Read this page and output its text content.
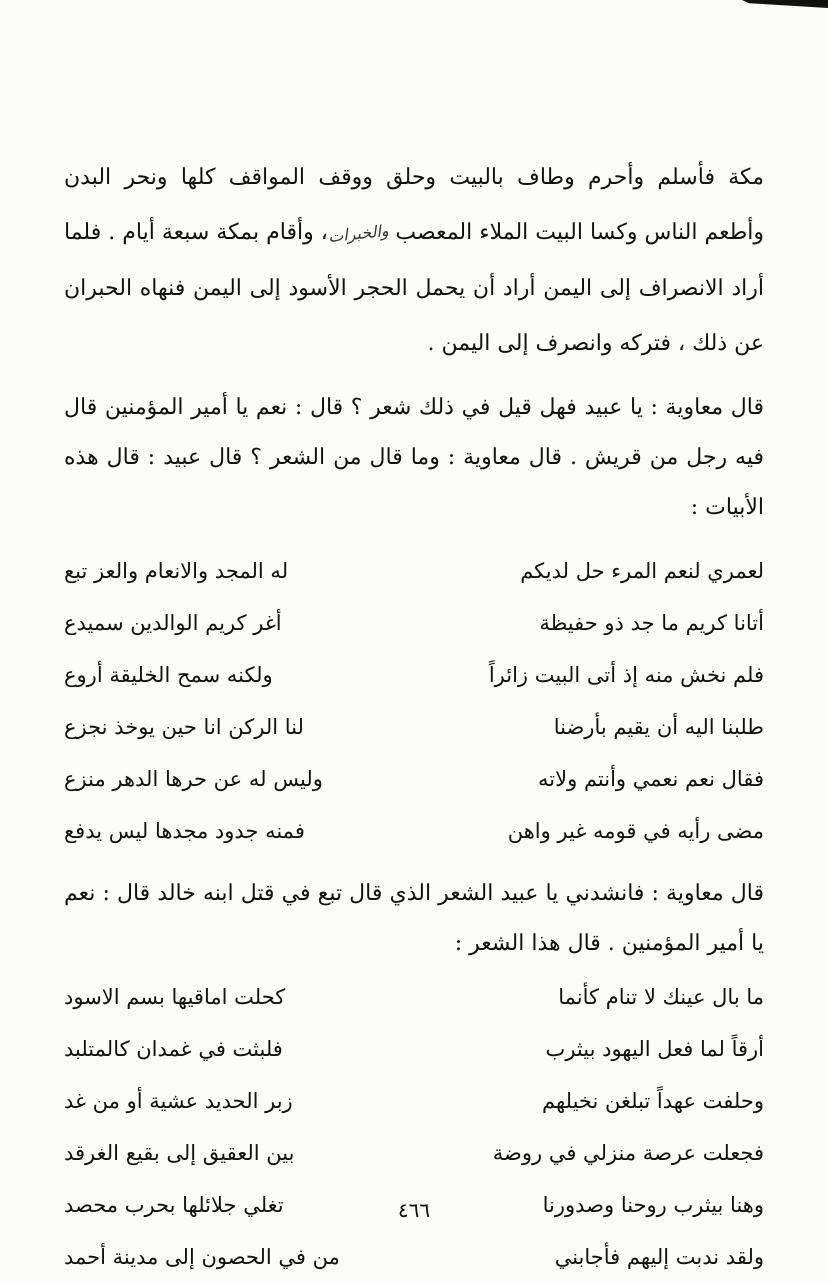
مكة فأسلم وأحرم وطاف بالبيت وحلق ووقف المواقف كلها ونحر البدن وأطعم الناس وكسا البيت الملاء المعصب والخبرات، وأقام بمكة سبعة أيام . فلما أراد الانصراف إلى اليمن أراد أن يحمل الحجر الأسود إلى اليمن فنهاه الحبران عن ذلك ، فتركه وانصرف إلى اليمن .

قال معاوية : يا عبيد فهل قيل في ذلك شعر ؟ قال : نعم يا أمير المؤمنين قال فيه رجل من قريش . قال معاوية : وما قال من الشعر ؟ قال عبيد : قال هذه الأبيات :

لعمري لنعم المرء حل لديكم
له المجد والانعام والعز تبع
أتانا كريم ما جد ذو حفيظة
أغر كريم الوالدين سميدع
فلم نخش منه إذ أتى البيت زائراً
ولكنه سمح الخليقة أروع
طلبنا اليه أن يقيم بأرضنا
لنا الركن انا حين يوخذ نجزع
فقال نعم نعمي وأنتم ولاته
وليس له عن حرها الدهر منزع
مضى رأيه في قومه غير واهن
فمنه جدود مجدها ليس يدفع

قال معاوية : فانشدني يا عبيد الشعر الذي قال تبع في قتل ابنه خالد قال : نعم يا أمير المؤمنين . قال هذا الشعر :

ما بال عينك لا تنام كأنما
كحلت اماقيها بسم الاسود
أرقاً لما فعل اليهود بيثرب
فلبثت في غمدان كالمتلبد
وحلفت عهداً تبلغن نخيلهم
زبر الحديد عشية أو من غد
فجعلت عرصة منزلي في روضة
بين العقيق إلى بقيع الغرقد
وهنا بيثرب روحنا وصدورنا
تغلي جلائلها بحرب محصد
ولقد ندبت إليهم فأجابني
من في الحصون إلى مدينة أحمد
٤٦٦
